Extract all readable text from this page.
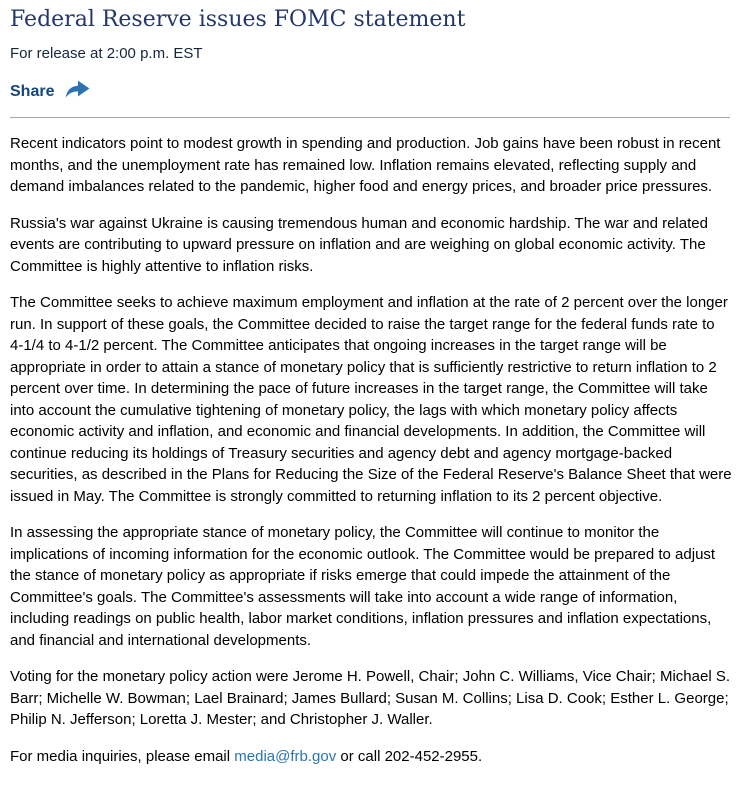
Federal Reserve issues FOMC statement
For release at 2:00 p.m. EST
Share

Recent indicators point to modest growth in spending and production. Job gains have been robust in recent months, and the unemployment rate has remained low. Inflation remains elevated, reflecting supply and demand imbalances related to the pandemic, higher food and energy prices, and broader price pressures.

Russia's war against Ukraine is causing tremendous human and economic hardship. The war and related events are contributing to upward pressure on inflation and are weighing on global economic activity. The Committee is highly attentive to inflation risks.

The Committee seeks to achieve maximum employment and inflation at the rate of 2 percent over the longer run. In support of these goals, the Committee decided to raise the target range for the federal funds rate to 4-1/4 to 4-1/2 percent. The Committee anticipates that ongoing increases in the target range will be appropriate in order to attain a stance of monetary policy that is sufficiently restrictive to return inflation to 2 percent over time. In determining the pace of future increases in the target range, the Committee will take into account the cumulative tightening of monetary policy, the lags with which monetary policy affects economic activity and inflation, and economic and financial developments. In addition, the Committee will continue reducing its holdings of Treasury securities and agency debt and agency mortgage-backed securities, as described in the Plans for Reducing the Size of the Federal Reserve's Balance Sheet that were issued in May. The Committee is strongly committed to returning inflation to its 2 percent objective.

In assessing the appropriate stance of monetary policy, the Committee will continue to monitor the implications of incoming information for the economic outlook. The Committee would be prepared to adjust the stance of monetary policy as appropriate if risks emerge that could impede the attainment of the Committee's goals. The Committee's assessments will take into account a wide range of information, including readings on public health, labor market conditions, inflation pressures and inflation expectations, and financial and international developments.

Voting for the monetary policy action were Jerome H. Powell, Chair; John C. Williams, Vice Chair; Michael S. Barr; Michelle W. Bowman; Lael Brainard; James Bullard; Susan M. Collins; Lisa D. Cook; Esther L. George; Philip N. Jefferson; Loretta J. Mester; and Christopher J. Waller.

For media inquiries, please email media@frb.gov or call 202-452-2955.
